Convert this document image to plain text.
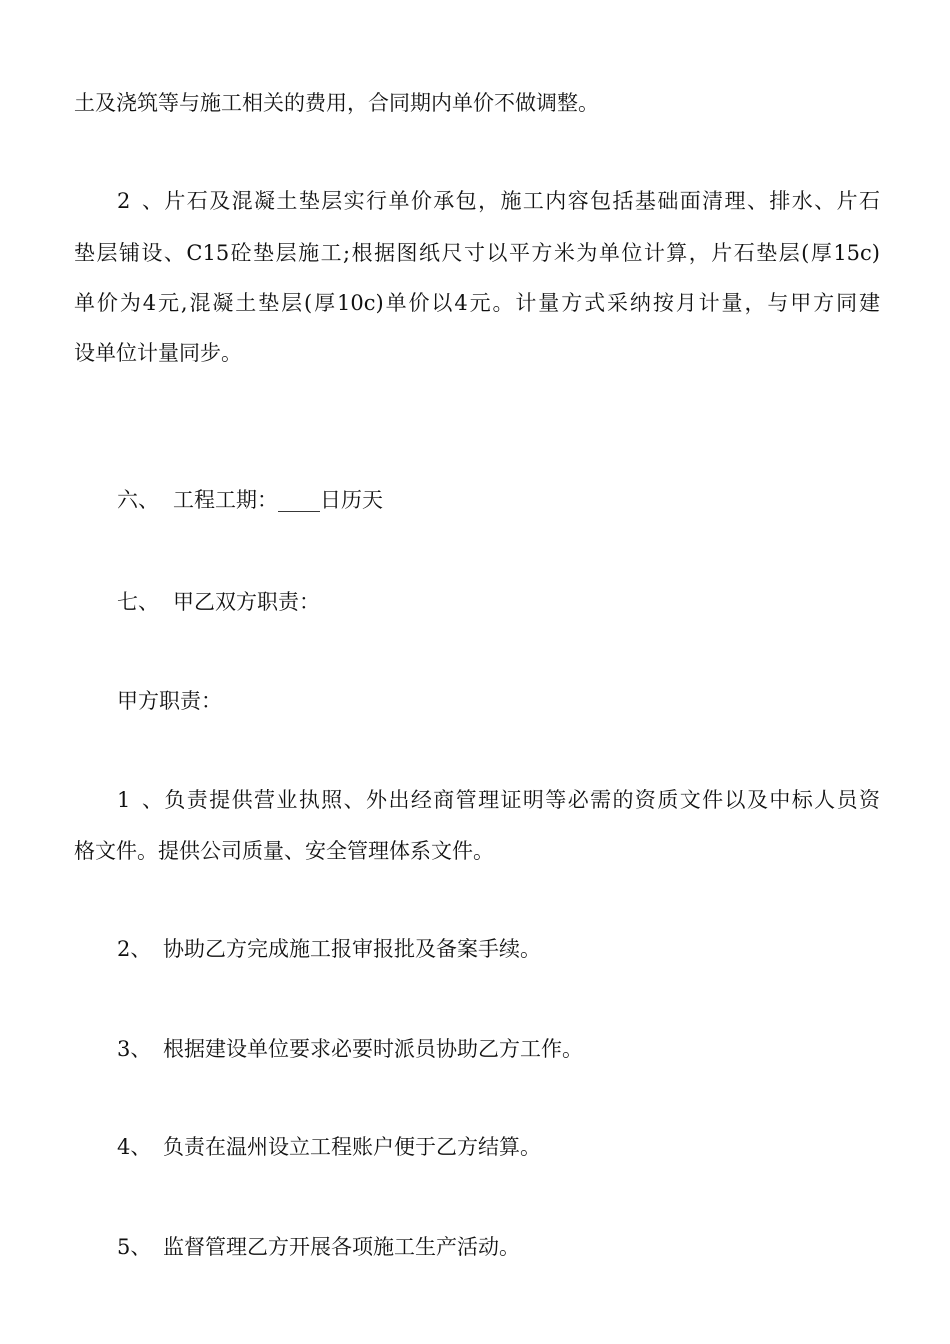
土及浇筑等与施工相关的费用，合同期内单价不做调整。
2、片石及混凝土垫层实行单价承包，施工内容包括基础面清理、排水、片石
垫层铺设、C15砼垫层施工;根据图纸尺寸以平方米为单位计算，片石垫层(厚15c)
单价为4元,混凝土垫层(厚10c)单价以4元。计量方式采纳按月计量，与甲方同建
设单位计量同步。
六、 工程工期：____日历天
七、 甲乙双方职责：
甲方职责：
1、负责提供营业执照、外出经商管理证明等必需的资质文件以及中标人员资
格文件。提供公司质量、安全管理体系文件。
2、 协助乙方完成施工报审报批及备案手续。
3、 根据建设单位要求必要时派员协助乙方工作。
4、 负责在温州设立工程账户便于乙方结算。
5、 监督管理乙方开展各项施工生产活动。
